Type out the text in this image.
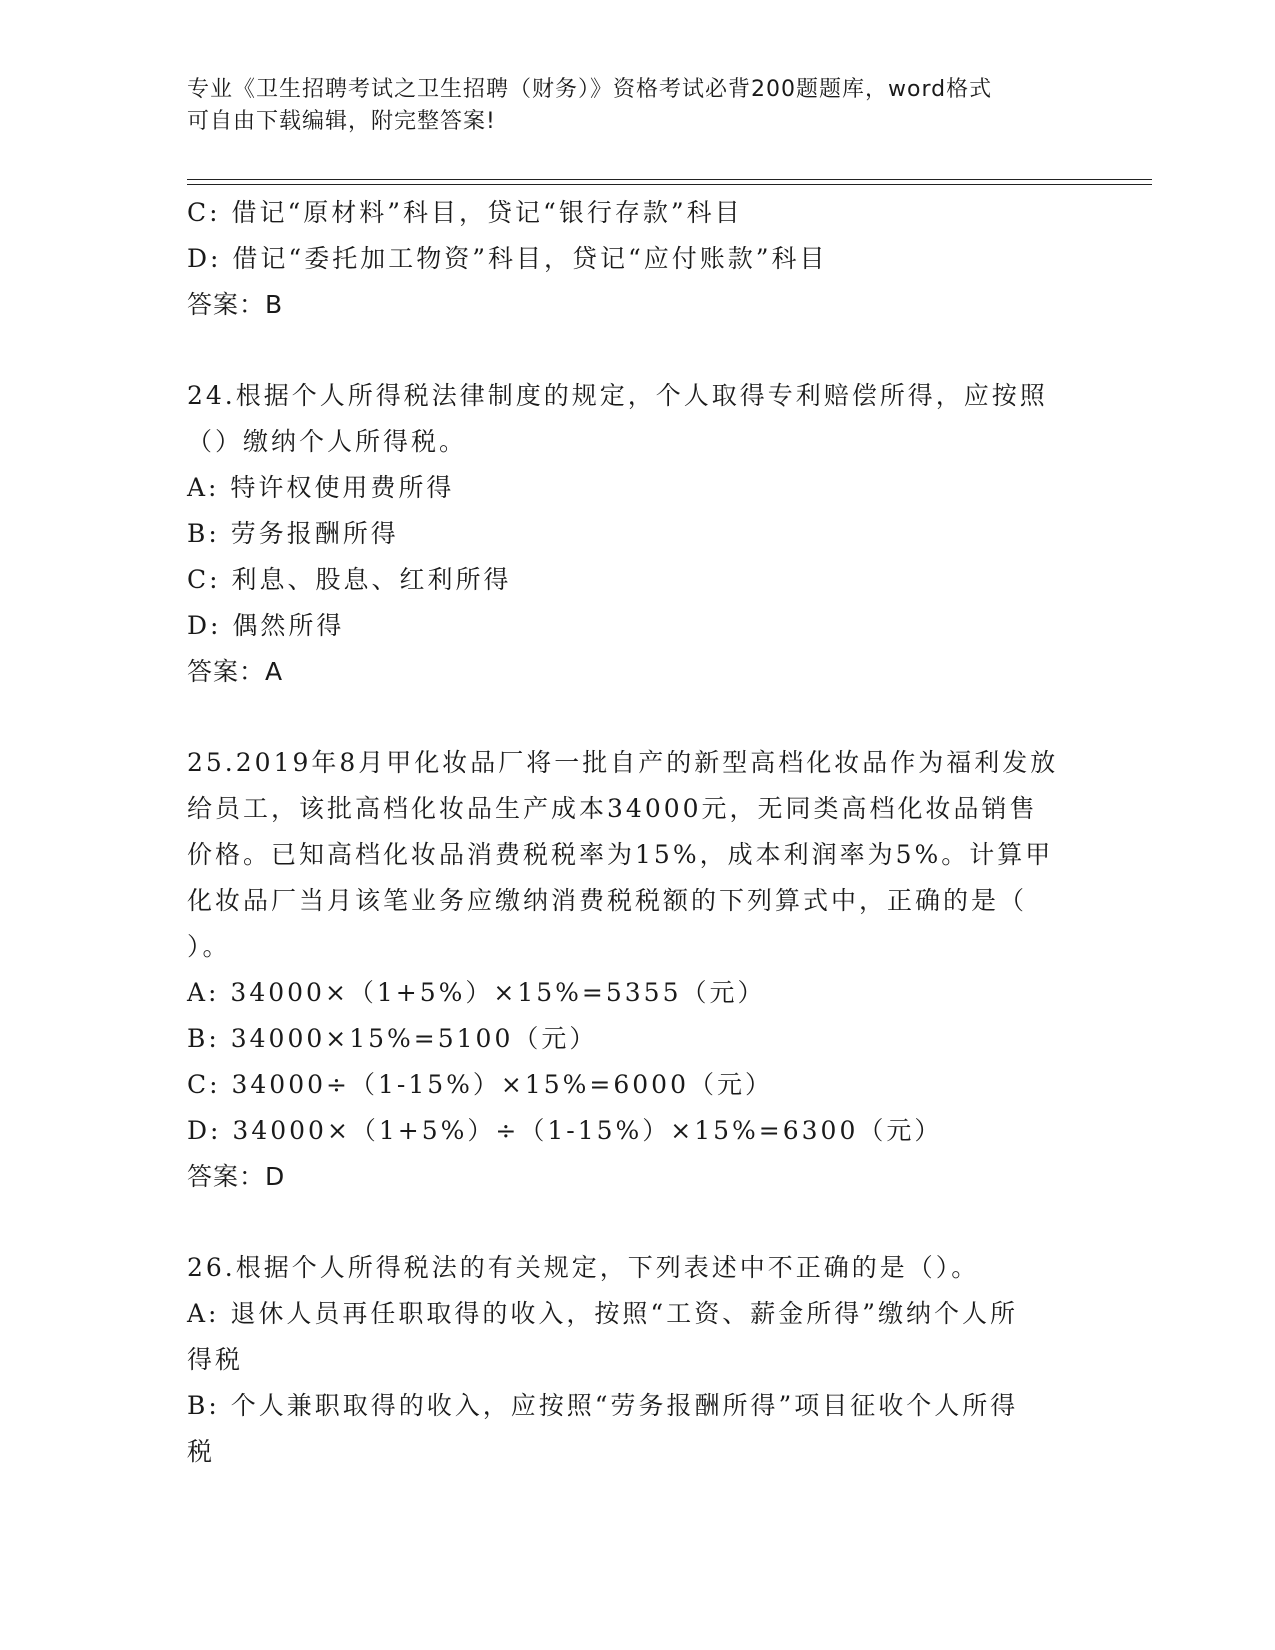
专业《卫生招聘考试之卫生招聘（财务）》资格考试必背200题题库，word格式
可自由下载编辑，附完整答案!
C: 借记“原材料”科目，贷记“银行存款”科目
D: 借记“委托加工物资”科目，贷记“应付账款”科目
答案：B
24.根据个人所得税法律制度的规定，个人取得专利赔偿所得，应按照
（）缴纳个人所得税。
A: 特许权使用费所得
B: 劳务报酬所得
C: 利息、股息、红利所得
D: 偶然所得
答案：A
25.2019年8月甲化妆品厂将一批自产的新型高档化妆品作为福利发放
给员工，该批高档化妆品生产成本34000元，无同类高档化妆品销售
价格。已知高档化妆品消费税税率为15%，成本利润率为5%。计算甲
化妆品厂当月该笔业务应缴纳消费税税额的下列算式中，正确的是（
）。
A: 34000×（1+5%）×15%=5355（元）
B: 34000×15%=5100（元）
C: 34000÷（1-15%）×15%=6000（元）
D: 34000×（1+5%）÷（1-15%）×15%=6300（元）
答案：D
26.根据个人所得税法的有关规定，下列表述中不正确的是（）。
A: 退休人员再任职取得的收入，按照“工资、薪金所得”缴纳个人所
得税
B: 个人兼职取得的收入，应按照“劳务报酬所得”项目征收个人所得
税
